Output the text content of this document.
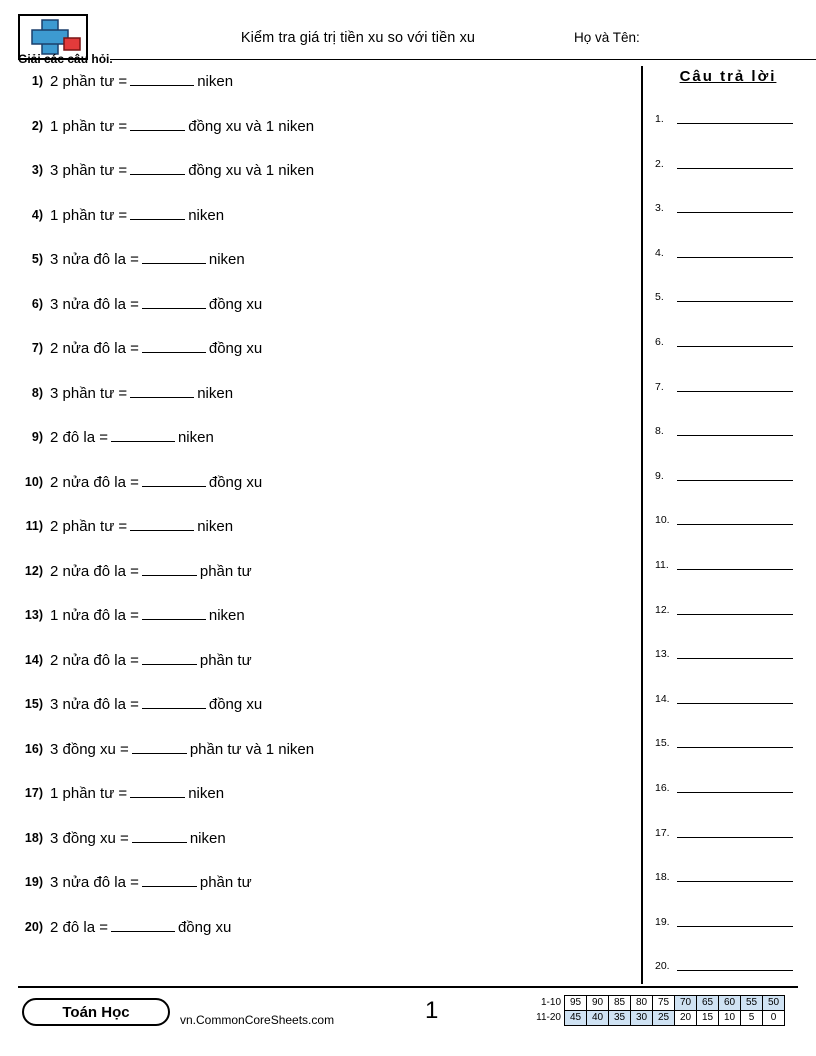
Kiểm tra giá trị tiền xu so với tiền xu	Họ và Tên:
Giải các câu hỏi.
1) 2 phần tư =	niken
2) 1 phần tư =	đồng xu và 1 niken
3) 3 phần tư =	đồng xu và 1 niken
4) 1 phần tư =	niken
5) 3 nửa đô la =	niken
6) 3 nửa đô la =	đồng xu
7) 2 nửa đô la =	đồng xu
8) 3 phần tư =	niken
9) 2 đô la =	niken
10) 2 nửa đô la =	đồng xu
11) 2 phần tư =	niken
12) 2 nửa đô la =	phần tư
13) 1 nửa đô la =	niken
14) 2 nửa đô la =	phần tư
15) 3 nửa đô la =	đồng xu
16) 3 đồng xu =	phần tư và 1 niken
17) 1 phần tư =	niken
18) 3 đồng xu =	niken
19) 3 nửa đô la =	phần tư
20) 2 đô la =	đồng xu
Câu trả lời
1.
2.
3.
4.
5.
6.
7.
8.
9.
10.
11.
12.
13.
14.
15.
16.
17.
18.
19.
20.
Toán Học	vn.CommonCoreSheets.com	1	1-10	95	90	85	80	75	70	65	60	55	50
11-20	45	40	35	30	25	20	15	10	5	0
